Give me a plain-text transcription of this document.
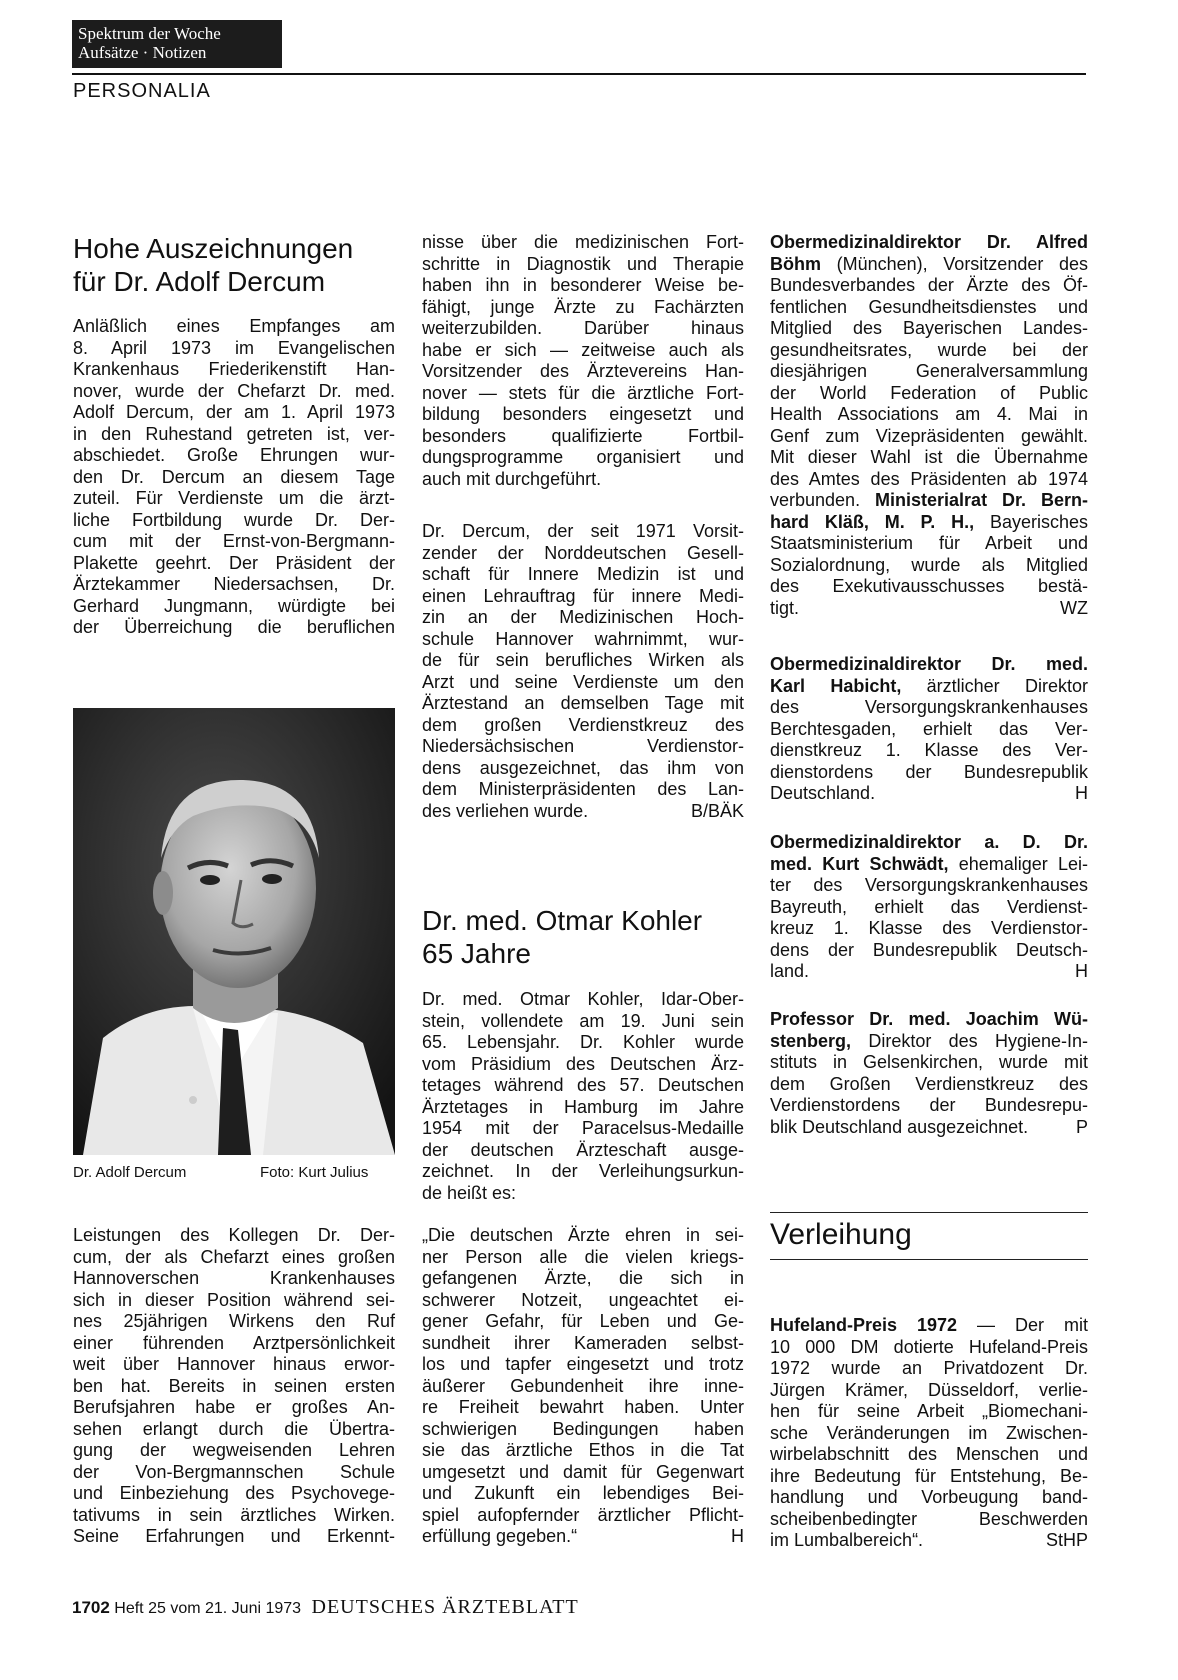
Spektrum der Woche
Aufsätze · Notizen
PERSONALIA
Hohe Auszeichnungen
für Dr. Adolf Dercum
Anläßlich eines Empfanges am
8. April 1973 im Evangelischen
Krankenhaus Friederikenstift Han-
nover, wurde der Chefarzt Dr. med.
Adolf Dercum, der am 1. April 1973
in den Ruhestand getreten ist, ver-
abschiedet. Große Ehrungen wur-
den Dr. Dercum an diesem Tage
zuteil. Für Verdienste um die ärzt-
liche Fortbildung wurde Dr. Der-
cum mit der Ernst-von-Bergmann-
Plakette geehrt. Der Präsident der
Ärztekammer Niedersachsen, Dr.
Gerhard Jungmann, würdigte bei
der Überreichung die beruflichen
Dr. Adolf Dercum	Foto: Kurt Julius
Leistungen des Kollegen Dr. Der-
cum, der als Chefarzt eines großen
Hannoverschen Krankenhauses
sich in dieser Position während sei-
nes 25jährigen Wirkens den Ruf
einer führenden Arztpersönlichkeit
weit über Hannover hinaus erwor-
ben hat. Bereits in seinen ersten
Berufsjahren habe er großes An-
sehen erlangt durch die Übertra-
gung der wegweisenden Lehren
der Von-Bergmannschen Schule
und Einbeziehung des Psychovege-
tativums in sein ärztliches Wirken.
Seine Erfahrungen und Erkennt-
nisse über die medizinischen Fort-
schritte in Diagnostik und Therapie
haben ihn in besonderer Weise be-
fähigt, junge Ärzte zu Fachärzten
weiterzubilden. Darüber hinaus
habe er sich — zeitweise auch als
Vorsitzender des Ärztevereins Han-
nover — stets für die ärztliche Fort-
bildung besonders eingesetzt und
besonders qualifizierte Fortbil-
dungsprogramme organisiert und
auch mit durchgeführt.
Dr. Dercum, der seit 1971 Vorsit-
zender der Norddeutschen Gesell-
schaft für Innere Medizin ist und
einen Lehrauftrag für innere Medi-
zin an der Medizinischen Hoch-
schule Hannover wahrnimmt, wur-
de für sein berufliches Wirken als
Arzt und seine Verdienste um den
Ärztestand an demselben Tage mit
dem großen Verdienstkreuz des
Niedersächsischen Verdienstor-
dens ausgezeichnet, das ihm von
dem Ministerpräsidenten des Lan-
des verliehen wurde.	B/BÄK
Dr. med. Otmar Kohler
65 Jahre
Dr. med. Otmar Kohler, Idar-Ober-
stein, vollendete am 19. Juni sein
65. Lebensjahr. Dr. Kohler wurde
vom Präsidium des Deutschen Ärz-
tetages während des 57. Deutschen
Ärztetages in Hamburg im Jahre
1954 mit der Paracelsus-Medaille
der deutschen Ärzteschaft ausge-
zeichnet. In der Verleihungsurkun-
de heißt es:
„Die deutschen Ärzte ehren in sei-
ner Person alle die vielen kriegs-
gefangenen Ärzte, die sich in
schwerer Notzeit, ungeachtet ei-
gener Gefahr, für Leben und Ge-
sundheit ihrer Kameraden selbst-
los und tapfer eingesetzt und trotz
äußerer Gebundenheit ihre inne-
re Freiheit bewahrt haben. Unter
schwierigen Bedingungen haben
sie das ärztliche Ethos in die Tat
umgesetzt und damit für Gegenwart
und Zukunft ein lebendiges Bei-
spiel aufopfernder ärztlicher Pflicht-
erfüllung gegeben.“	H
Obermedizinaldirektor Dr. Alfred
Böhm (München), Vorsitzender des
Bundesverbandes der Ärzte des Öf-
fentlichen Gesundheitsdienstes und
Mitglied des Bayerischen Landes-
gesundheitsrates, wurde bei der
diesjährigen Generalversammlung
der World Federation of Public
Health Associations am 4. Mai in
Genf zum Vizepräsidenten gewählt.
Mit dieser Wahl ist die Übernahme
des Amtes des Präsidenten ab 1974
verbunden. Ministerialrat Dr. Bern-
hard Kläß, M. P. H., Bayerisches
Staatsministerium für Arbeit und
Sozialordnung, wurde als Mitglied
des Exekutivausschusses bestä-
tigt.	WZ
Obermedizinaldirektor Dr. med.
Karl Habicht, ärztlicher Direktor
des Versorgungskrankenhauses
Berchtesgaden, erhielt das Ver-
dienstkreuz 1. Klasse des Ver-
dienstordens der Bundesrepublik
Deutschland.	H
Obermedizinaldirektor a. D. Dr.
med. Kurt Schwädt, ehemaliger Lei-
ter des Versorgungskrankenhauses
Bayreuth, erhielt das Verdienst-
kreuz 1. Klasse des Verdienstor-
dens der Bundesrepublik Deutsch-
land.	H
Professor Dr. med. Joachim Wü-
stenberg, Direktor des Hygiene-In-
stituts in Gelsenkirchen, wurde mit
dem Großen Verdienstkreuz des
Verdienstordens der Bundesrepu-
blik Deutschland ausgezeichnet.	P
Verleihung
Hufeland-Preis 1972 — Der mit
10 000 DM dotierte Hufeland-Preis
1972 wurde an Privatdozent Dr.
Jürgen Krämer, Düsseldorf, verlie-
hen für seine Arbeit „Biomechani-
sche Veränderungen im Zwischen-
wirbelabschnitt des Menschen und
ihre Bedeutung für Entstehung, Be-
handlung und Vorbeugung band-
scheibenbedingter Beschwerden
im Lumbalbereich“.	StHP
1702 Heft 25 vom 21. Juni 1973 DEUTSCHES ÄRZTEBLATT
